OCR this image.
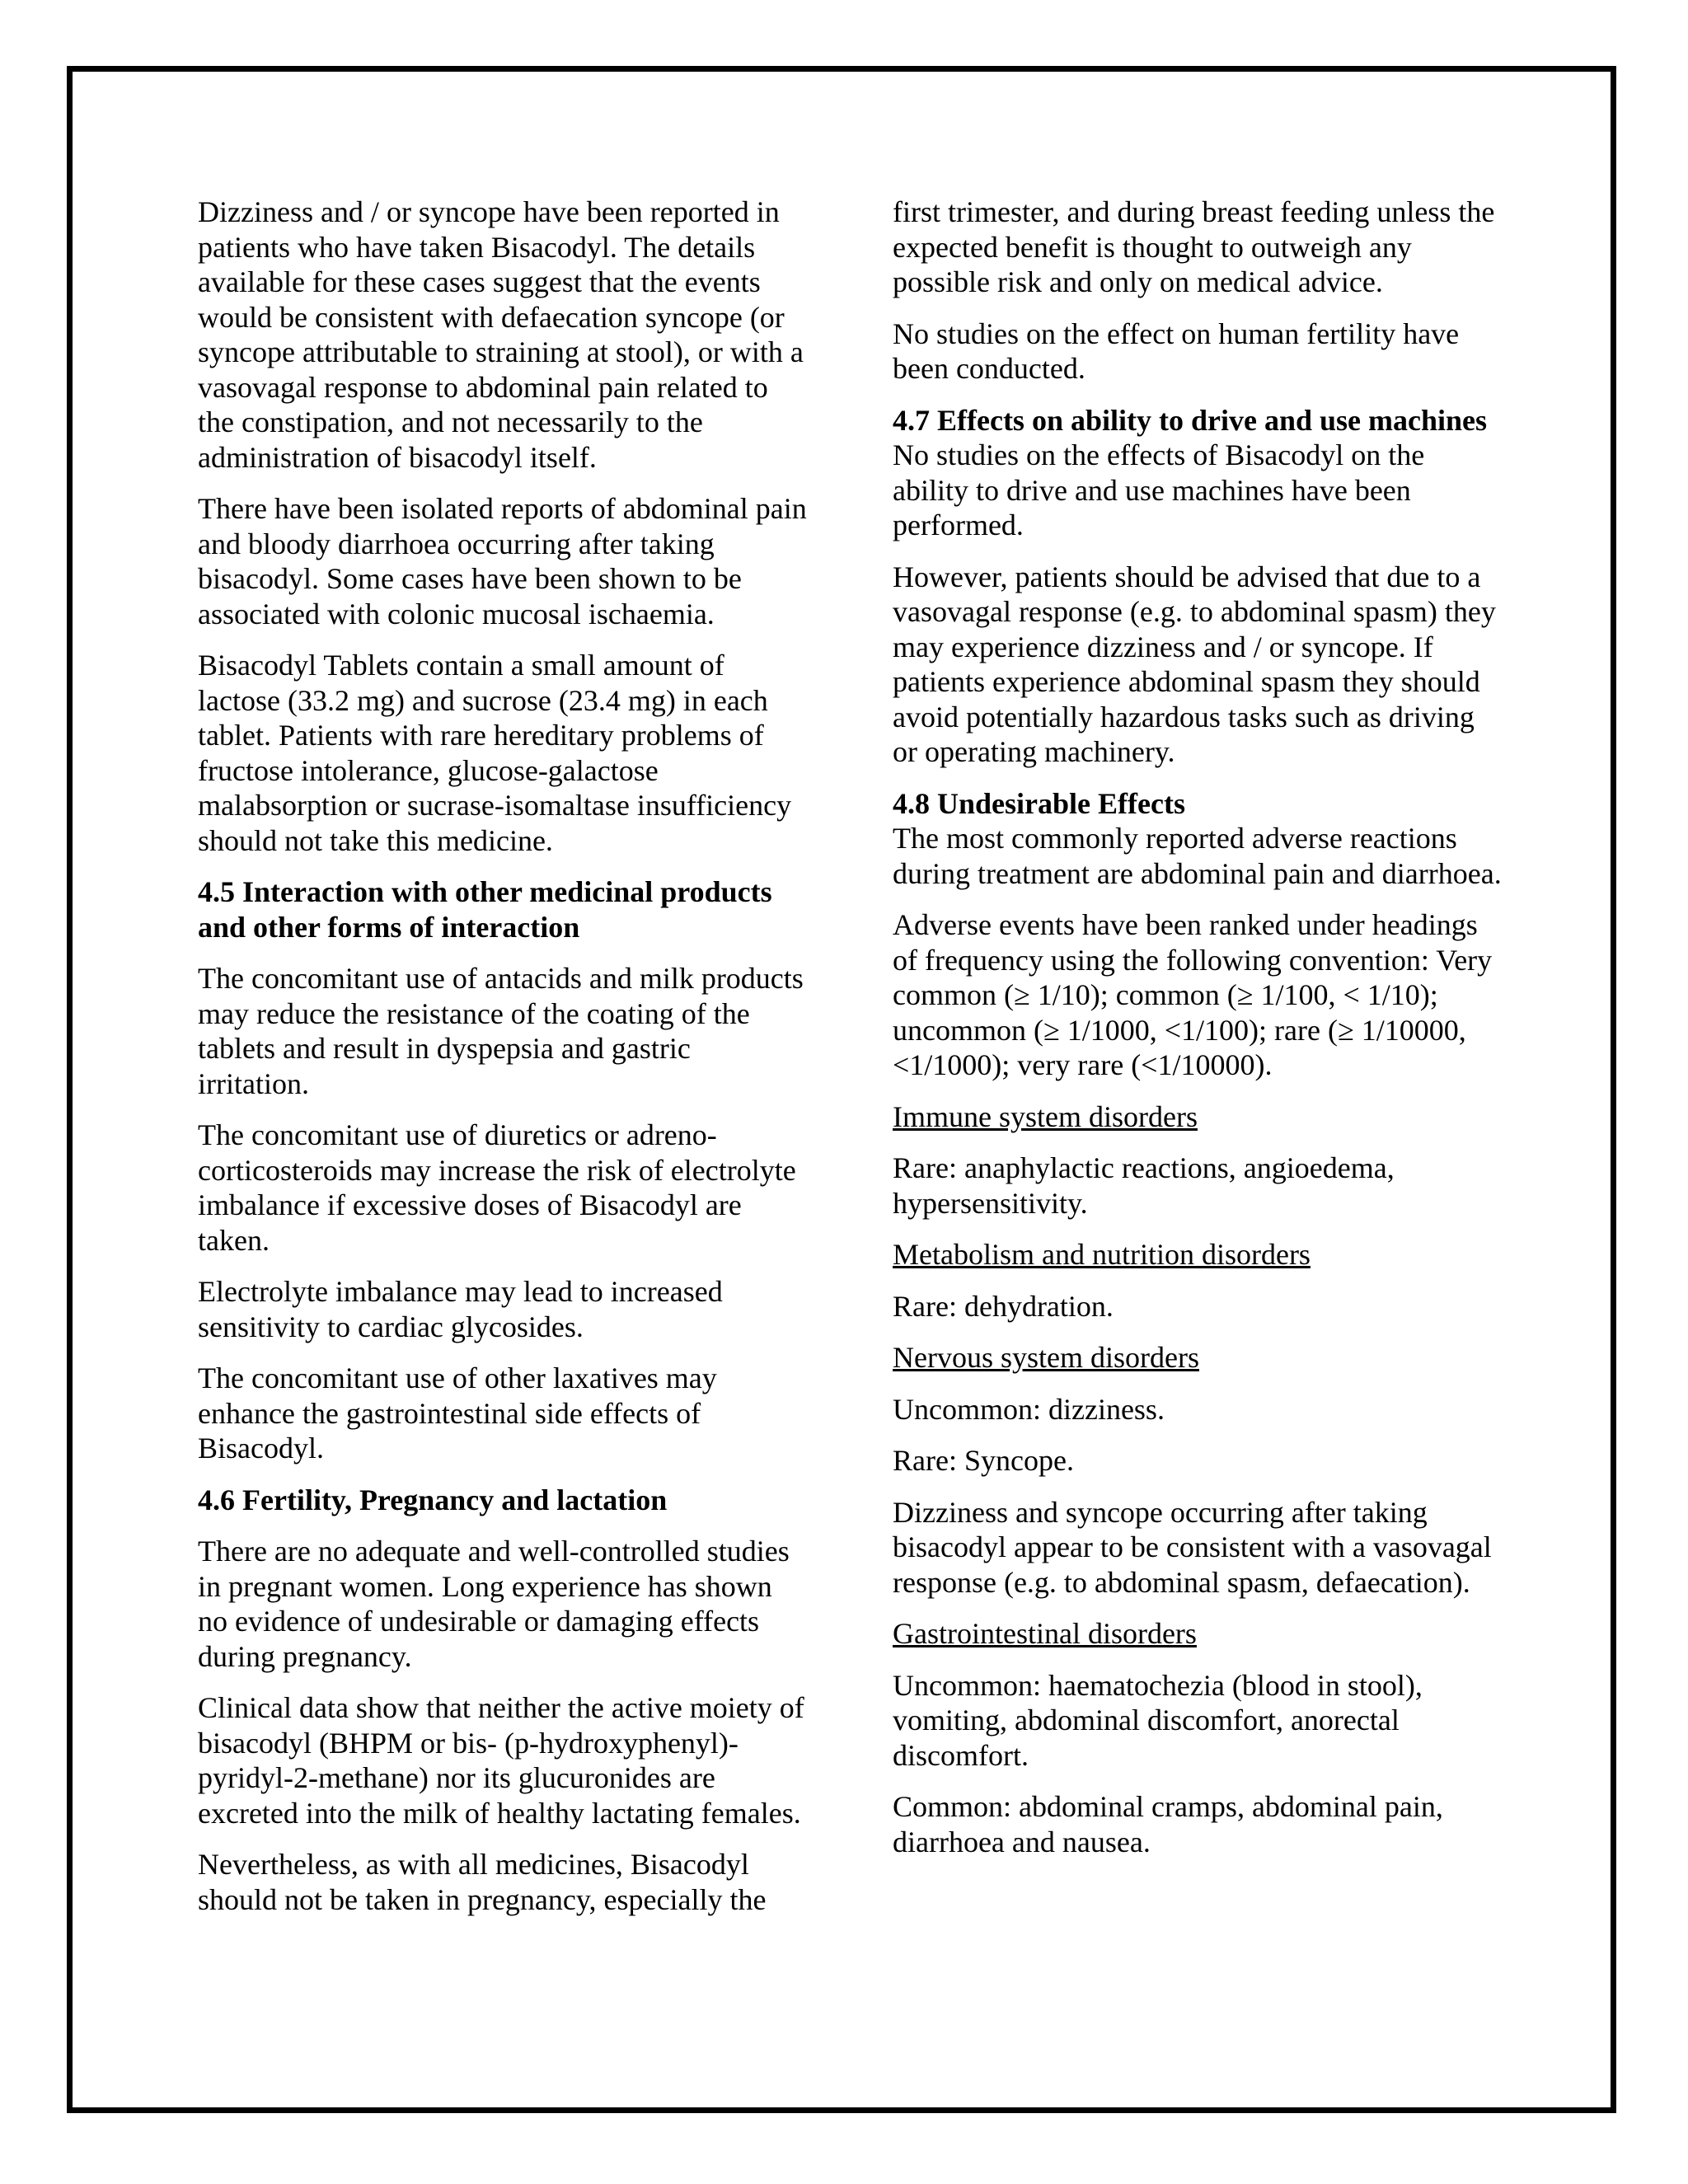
Dizziness and / or syncope have been reported in patients who have taken Bisacodyl. The details available for these cases suggest that the events would be consistent with defaecation syncope (or syncope attributable to straining at stool), or with a vasovagal response to abdominal pain related to the constipation, and not necessarily to the administration of bisacodyl itself.

There have been isolated reports of abdominal pain and bloody diarrhoea occurring after taking bisacodyl. Some cases have been shown to be associated with colonic mucosal ischaemia.

Bisacodyl Tablets contain a small amount of lactose (33.2 mg) and sucrose (23.4 mg) in each tablet. Patients with rare hereditary problems of fructose intolerance, glucose-galactose malabsorption or sucrase-isomaltase insufficiency should not take this medicine.

4.5 Interaction with other medicinal products and other forms of interaction

The concomitant use of antacids and milk products may reduce the resistance of the coating of the tablets and result in dyspepsia and gastric irritation.

The concomitant use of diuretics or adreno-corticosteroids may increase the risk of electrolyte imbalance if excessive doses of Bisacodyl are taken.

Electrolyte imbalance may lead to increased sensitivity to cardiac glycosides.

The concomitant use of other laxatives may enhance the gastrointestinal side effects of Bisacodyl.

4.6 Fertility, Pregnancy and lactation

There are no adequate and well-controlled studies in pregnant women. Long experience has shown no evidence of undesirable or damaging effects during pregnancy.

Clinical data show that neither the active moiety of bisacodyl (BHPM or bis- (p-hydroxyphenyl)-pyridyl-2-methane) nor its glucuronides are excreted into the milk of healthy lactating females.

Nevertheless, as with all medicines, Bisacodyl should not be taken in pregnancy, especially the

first trimester, and during breast feeding unless the expected benefit is thought to outweigh any possible risk and only on medical advice.

No studies on the effect on human fertility have been conducted.

4.7 Effects on ability to drive and use machines

No studies on the effects of Bisacodyl on the ability to drive and use machines have been performed.

However, patients should be advised that due to a vasovagal response (e.g. to abdominal spasm) they may experience dizziness and / or syncope. If patients experience abdominal spasm they should avoid potentially hazardous tasks such as driving or operating machinery.

4.8 Undesirable Effects

The most commonly reported adverse reactions during treatment are abdominal pain and diarrhoea.

Adverse events have been ranked under headings of frequency using the following convention: Very common (≥ 1/10); common (≥ 1/100, < 1/10); uncommon (≥ 1/1000, <1/100); rare (≥ 1/10000, <1/1000); very rare (<1/10000).

Immune system disorders

Rare: anaphylactic reactions, angioedema, hypersensitivity.

Metabolism and nutrition disorders

Rare: dehydration.

Nervous system disorders

Uncommon: dizziness.

Rare: Syncope.

Dizziness and syncope occurring after taking bisacodyl appear to be consistent with a vasovagal response (e.g. to abdominal spasm, defaecation).

Gastrointestinal disorders

Uncommon: haematochezia (blood in stool), vomiting, abdominal discomfort, anorectal discomfort.

Common: abdominal cramps, abdominal pain, diarrhoea and nausea.
